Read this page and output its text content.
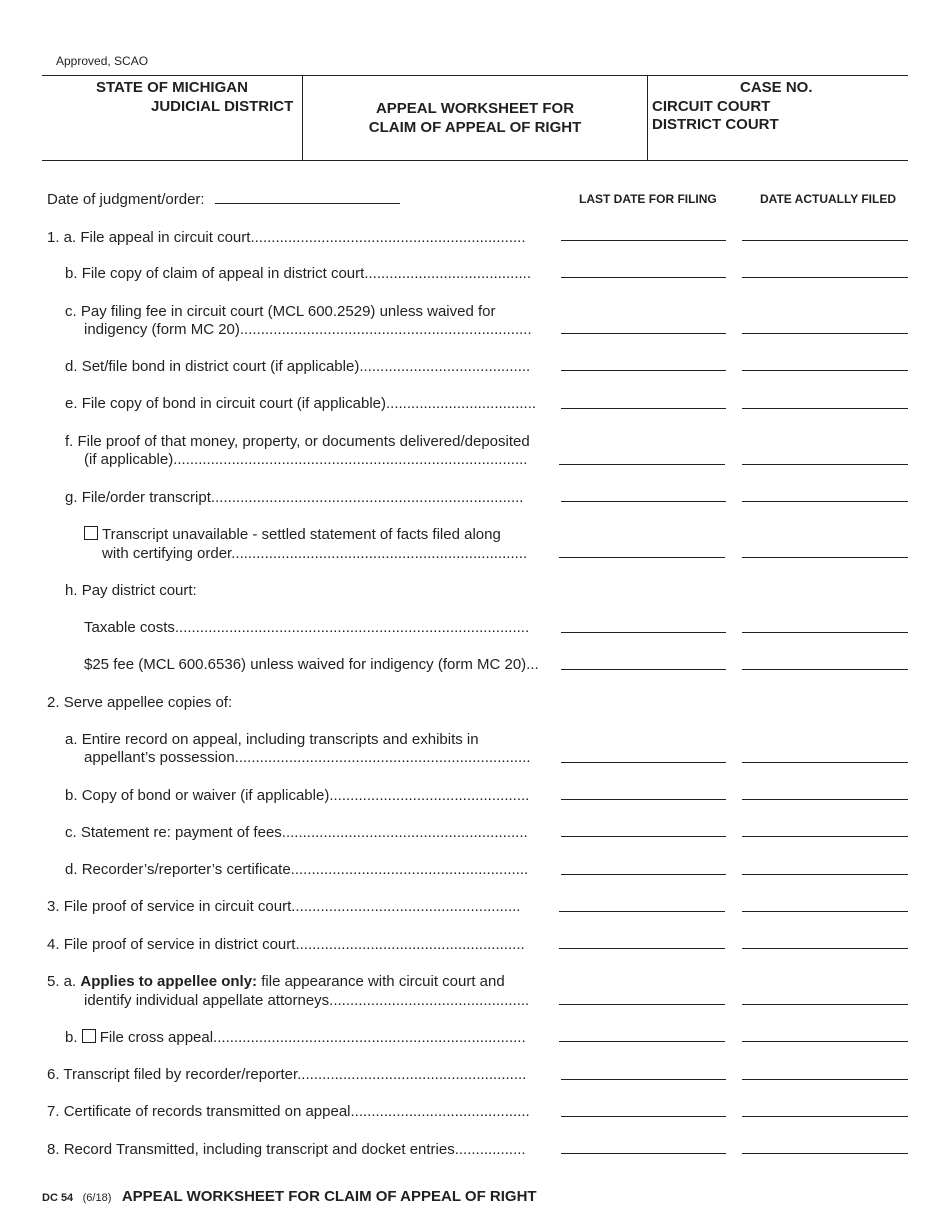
Approved, SCAO
STATE OF MICHIGAN
JUDICIAL DISTRICT	APPEAL WORKSHEET FOR
CLAIM OF APPEAL OF RIGHT
CASE NO.
CIRCUIT COURT
DISTRICT COURT
Date of judgment/order:	LAST DATE FOR FILING	DATE ACTUALLY FILED
1. a. File appeal in circuit court..................................................................
b. File copy of claim of appeal in district court........................................
c. Pay filing fee in circuit court (MCL 600.2529) unless waived for
indigency (form MC 20)......................................................................
d. Set/file bond in district court (if applicable).........................................
e. File copy of bond in circuit court (if applicable)....................................
f. File proof of that money, property, or documents delivered/deposited
(if applicable).....................................................................................
g. File/order transcript...........................................................................
Transcript unavailable - settled statement of facts filed along
with certifying order.......................................................................
h. Pay district court:
Taxable costs.....................................................................................
$25 fee (MCL 600.6536) unless waived for indigency (form MC 20)...
2. Serve appellee copies of:
a. Entire record on appeal, including transcripts and exhibits in
appellant’s possession.......................................................................
b. Copy of bond or waiver (if applicable)................................................
c. Statement re: payment of fees...........................................................
d. Recorder’s/reporter’s certificate.........................................................
3. File proof of service in circuit court.......................................................
4. File proof of service in district court.......................................................
5. a. Applies to appellee only: file appearance with circuit court and
identify individual appellate attorneys................................................
b. File cross appeal...........................................................................
6. Transcript filed by recorder/reporter.......................................................
7. Certificate of records transmitted on appeal...........................................
8. Record Transmitted, including transcript and docket entries.................
DC 54 (6/18) APPEAL WORKSHEET FOR CLAIM OF APPEAL OF RIGHT
